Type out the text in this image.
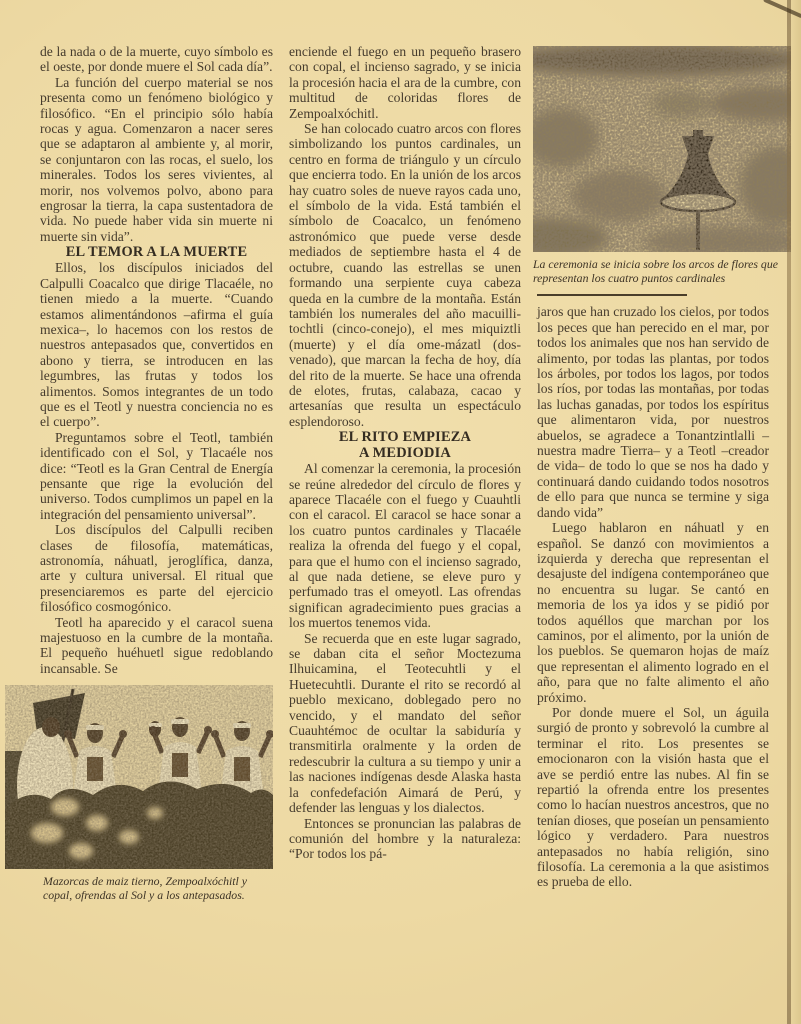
de la nada o de la muerte, cuyo símbolo es el oeste, por donde muere el Sol cada día”.

La función del cuerpo material se nos presenta como un fenómeno biológico y filosófico. “En el principio sólo había rocas y agua. Comenzaron a nacer seres que se adaptaron al ambiente y, al morir, se conjuntaron con las rocas, el suelo, los minerales. Todos los seres vivientes, al morir, nos volvemos polvo, abono para engrosar la tierra, la capa sustentadora de vida. No puede haber vida sin muerte ni muerte sin vida”.

EL TEMOR A LA MUERTE

Ellos, los discípulos iniciados del Calpulli Coacalco que dirige Tlacaéle, no tienen miedo a la muerte. “Cuando estamos alimentándonos –afirma el guía mexica–, lo hacemos con los restos de nuestros antepasados que, convertidos en abono y tierra, se introducen en las legumbres, las frutas y todos los alimentos. Somos integrantes de un todo que es el Teotl y nuestra conciencia no es el cuerpo”.

Preguntamos sobre el Teotl, también identificado con el Sol, y Tlacaéle nos dice: “Teotl es la Gran Central de Energía pensante que rige la evolución del universo. Todos cumplimos un papel en la integración del pensamiento universal”.

Los discípulos del Calpulli reciben clases de filosofía, matemáticas, astronomía, náhuatl, jeroglífica, danza, arte y cultura universal. El ritual que presenciaremos es parte del ejercicio filosófico cosmogónico.

Teotl ha aparecido y el caracol suena majestuoso en la cumbre de la montaña. El pequeño huéhuetl sigue redoblando incansable. Se

Mazorcas de maiz tierno, Zempoalxóchitl y copal, ofrendas al Sol y a los antepasados.

enciende el fuego en un pequeño brasero con copal, el incienso sagrado, y se inicia la procesión hacia el ara de la cumbre, con multitud de coloridas flores de Zempoalxóchitl.

Se han colocado cuatro arcos con flores simbolizando los puntos cardinales, un centro en forma de triángulo y un círculo que encierra todo. En la unión de los arcos hay cuatro soles de nueve rayos cada uno, el símbolo de la vida. Está también el símbolo de Coacalco, un fenómeno astronómico que puede verse desde mediados de septiembre hasta el 4 de octubre, cuando las estrellas se unen formando una serpiente cuya cabeza queda en la cumbre de la montaña. Están también los numerales del año macuilli-tochtli (cinco-conejo), el mes miquiztli (muerte) y el día ome-mázatl (dos-venado), que marcan la fecha de hoy, día del rito de la muerte. Se hace una ofrenda de elotes, frutas, calabaza, cacao y artesanías que resulta un espectáculo esplendoroso.

EL RITO EMPIEZA
A MEDIODIA

Al comenzar la ceremonia, la procesión se reúne alrededor del círculo de flores y aparece Tlacaéle con el fuego y Cuauhtli con el caracol. El caracol se hace sonar a los cuatro puntos cardinales y Tlacaéle realiza la ofrenda del fuego y el copal, para que el humo con el incienso sagrado, al que nada detiene, se eleve puro y perfumado tras el omeyotl. Las ofrendas significan agradecimiento pues gracias a los muertos tenemos vida.

Se recuerda que en este lugar sagrado, se daban cita el señor Moctezuma Ilhuicamina, el Teotecuhtli y el Huetecuhtli. Durante el rito se recordó al pueblo mexicano, doblegado pero no vencido, y el mandato del señor Cuauhtémoc de ocultar la sabiduría y transmitirla oralmente y la orden de redescubrir la cultura a su tiempo y unir a las naciones indígenas desde Alaska hasta la confedefación Aimará de Perú, y defender las lenguas y los dialectos.

Entonces se pronuncian las palabras de comunión del hombre y la naturaleza: “Por todos los pá-

La ceremonia se inicia sobre los arcos de flores que representan los cuatro puntos cardinales

jaros que han cruzado los cielos, por todos los peces que han perecido en el mar, por todos los animales que nos han servido de alimento, por todas las plantas, por todos los árboles, por todos los lagos, por todos los ríos, por todas las montañas, por todas las luchas ganadas, por todos los espíritus que alimentaron vida, por nuestros abuelos, se agradece a Tonantzintlalli –nuestra madre Tierra– y a Teotl –creador de vida– de todo lo que se nos ha dado y continuará dando cuidando todos nosotros de ello para que nunca se termine y siga dando vida”

Luego hablaron en náhuatl y en español. Se danzó con movimientos a izquierda y derecha que representan el desajuste del indígena contemporáneo que no encuentra su lugar. Se cantó en memoria de los ya idos y se pidió por todos aquéllos que marchan por los caminos, por el alimento, por la unión de los pueblos. Se quemaron hojas de maíz que representan el alimento logrado en el año, para que no falte alimento el año próximo.

Por donde muere el Sol, un águila surgió de pronto y sobrevoló la cumbre al terminar el rito. Los presentes se emocionaron con la visión hasta que el ave se perdió entre las nubes. Al fin se repartió la ofrenda entre los presentes como lo hacían nuestros ancestros, que no tenían dioses, que poseían un pensamiento lógico y verdadero. Para nuestros antepasados no había religión, sino filosofía. La ceremonia a la que asistimos es prueba de ello.
